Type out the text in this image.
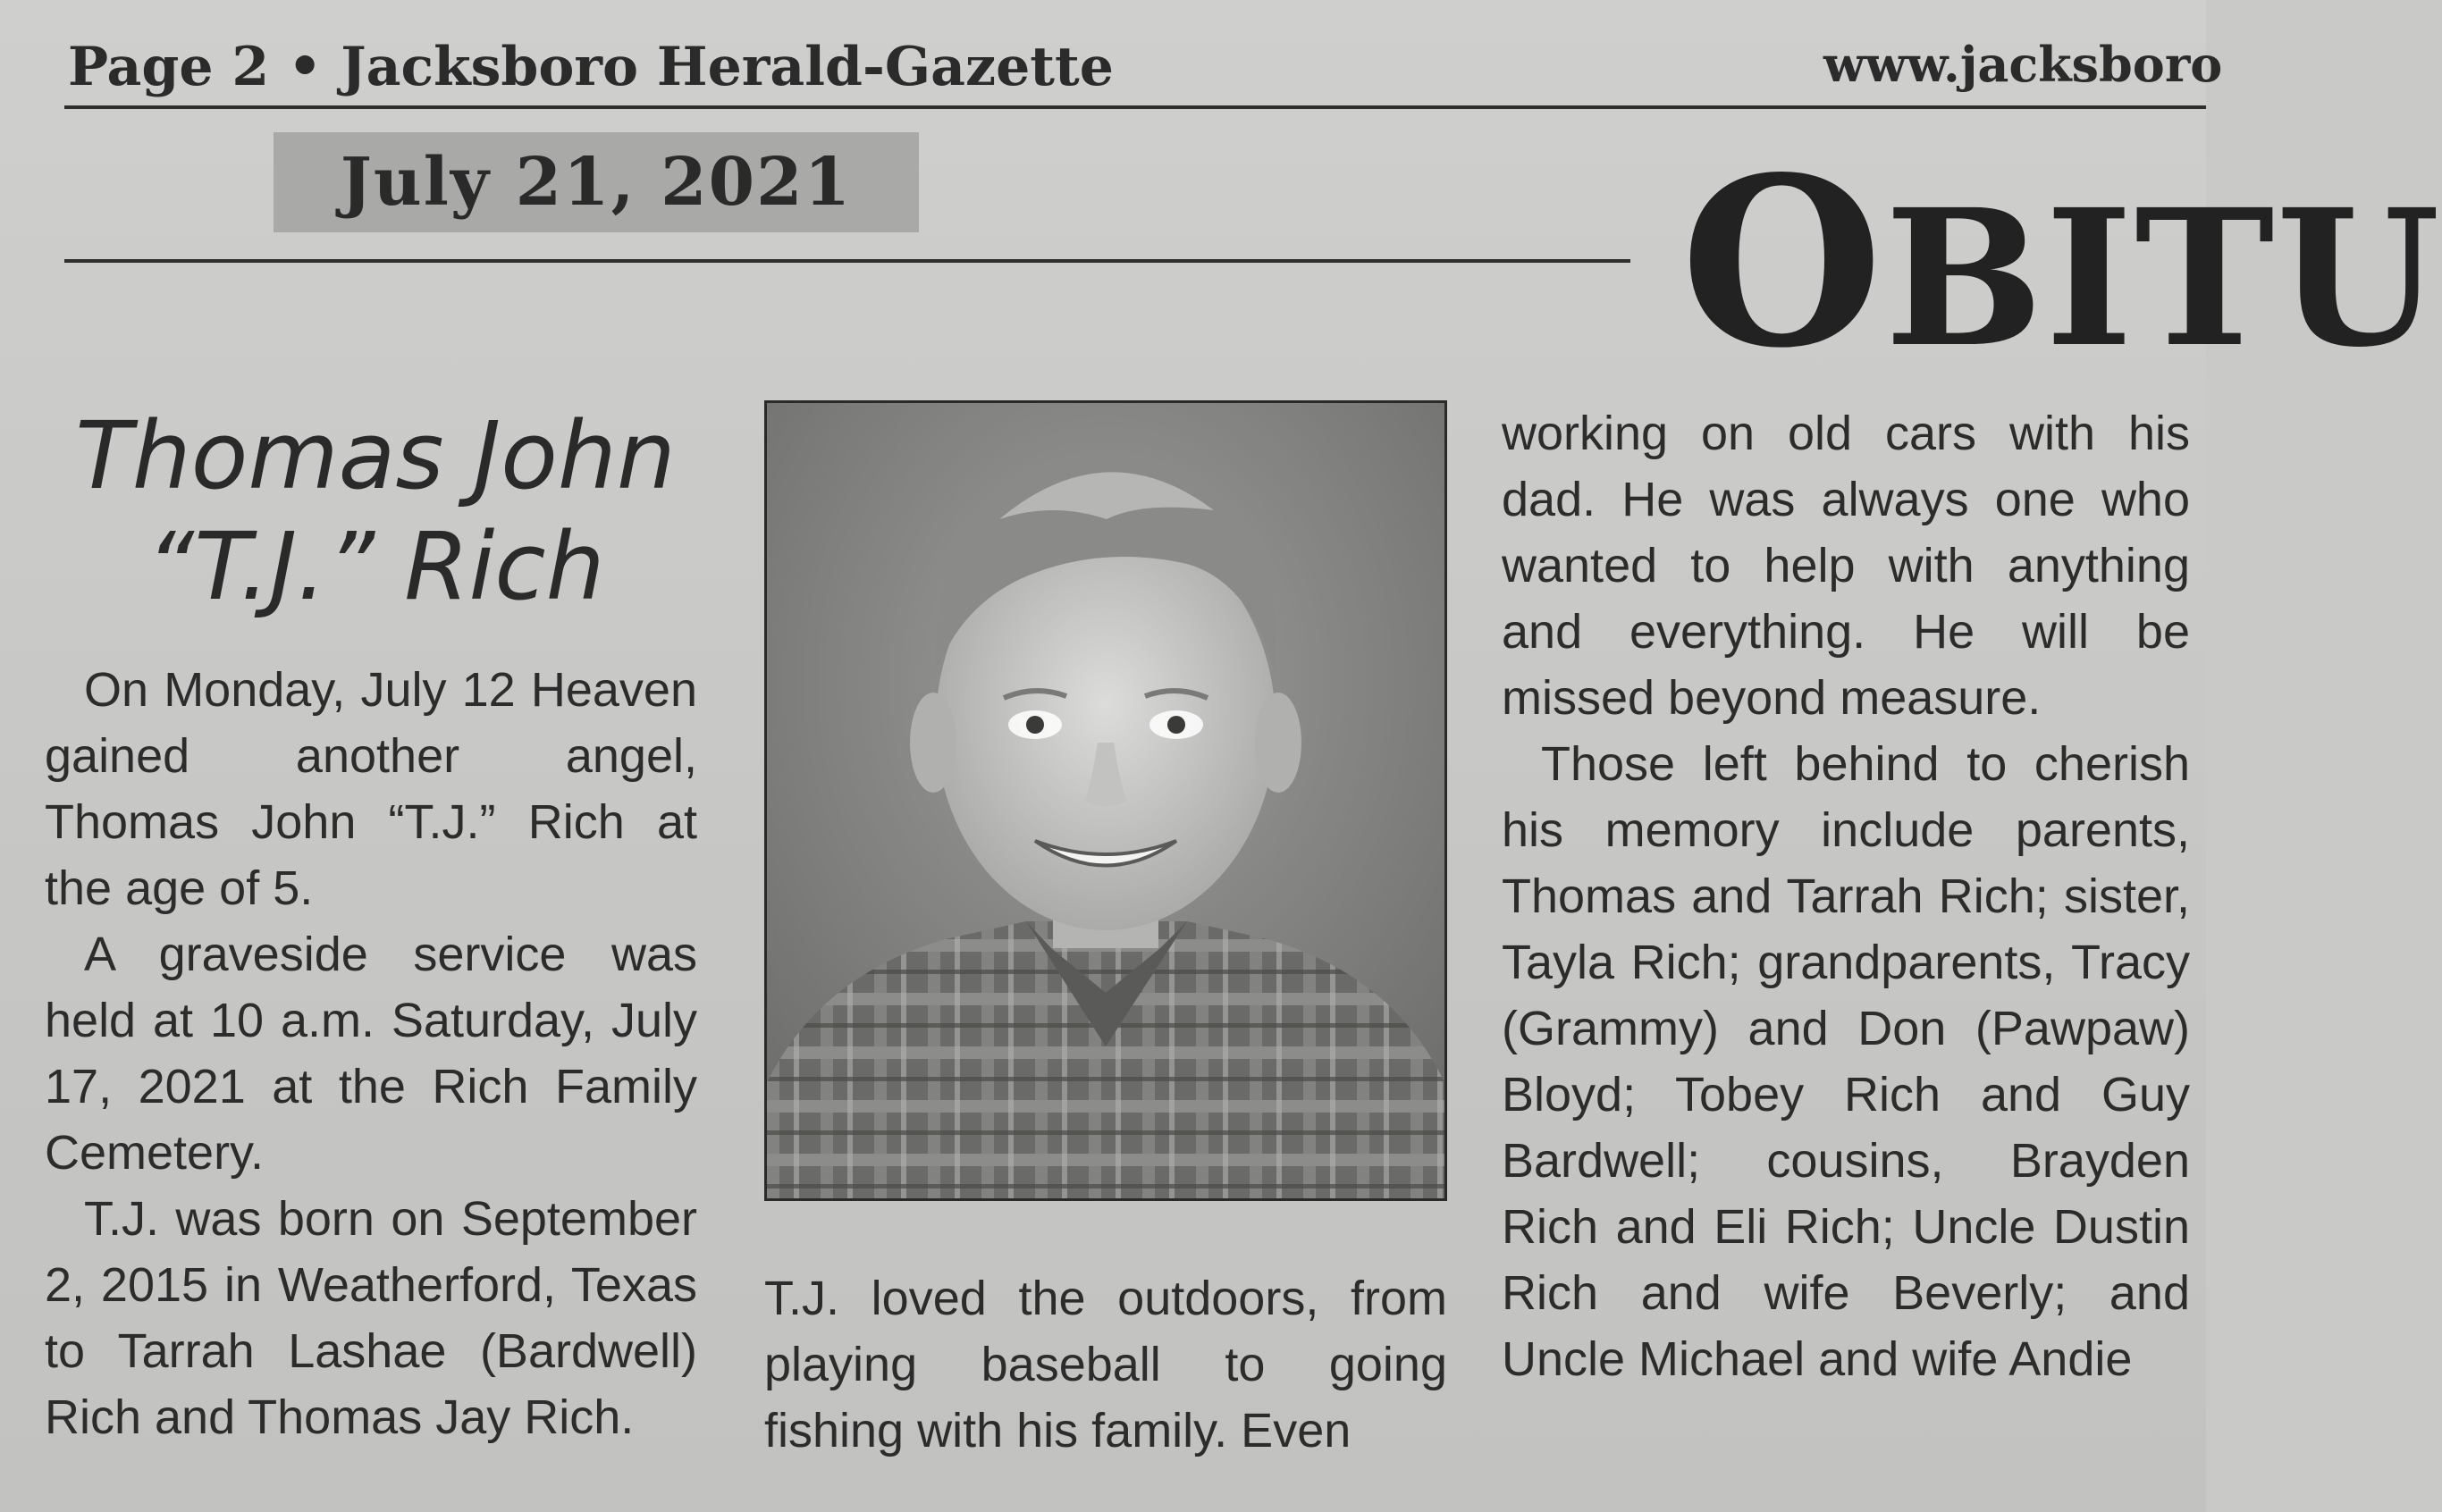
Page 2 • Jacksboro Herald-Gazette	www.jacksboro
July 21, 2021	OBITU
Thomas John
“T.J.” Rich

On Monday, July 12 Heaven gained another angel, Thomas John “T.J.” Rich at the age of 5.

A graveside service was held at 10 a.m. Saturday, July 17, 2021 at the Rich Family Cemetery.

T.J. was born on September 2, 2015 in Weatherford, Texas to Tarrah Lashae (Bardwell) Rich and Thomas Jay Rich.

T.J. loved the outdoors, from playing baseball to going fishing with his family. Even

working on old cars with his dad. He was always one who wanted to help with anything and everything. He will be missed beyond measure.

Those left behind to cherish his memory include parents, Thomas and Tarrah Rich; sister, Tayla Rich; grandparents, Tracy (Grammy) and Don (Pawpaw) Bloyd; Tobey Rich and Guy Bardwell; cousins, Brayden Rich and Eli Rich; Uncle Dustin Rich and wife Beverly; and Uncle Michael and wife Andie
